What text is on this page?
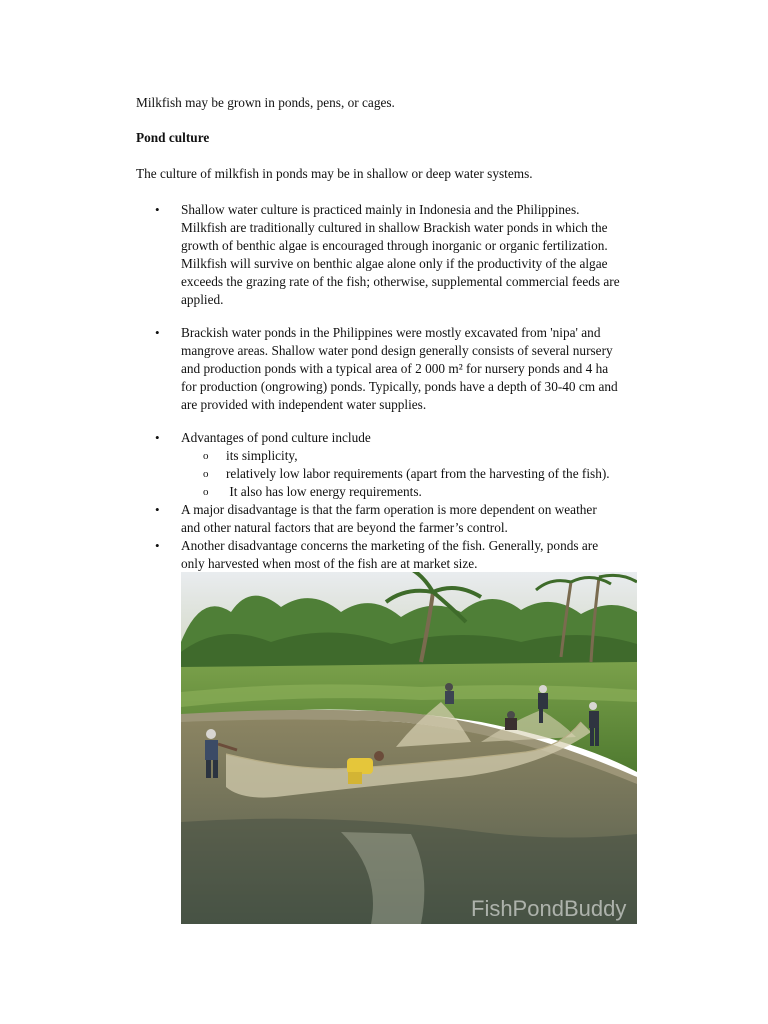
Milkfish may be grown in ponds, pens, or cages.

Pond culture

The culture of milkfish in ponds may be in shallow or deep water systems.

• Shallow water culture is practiced mainly in Indonesia and the Philippines.
Milkfish are traditionally cultured in shallow Brackish water ponds in which the
growth of benthic algae is encouraged through inorganic or organic fertilization.
Milkfish will survive on benthic algae alone only if the productivity of the algae
exceeds the grazing rate of the fish; otherwise, supplemental commercial feeds are
applied.
• Brackish water ponds in the Philippines were mostly excavated from 'nipa' and
mangrove areas. Shallow water pond design generally consists of several nursery
and production ponds with a typical area of 2 000 m² for nursery ponds and 4 ha
for production (ongrowing) ponds. Typically, ponds have a depth of 30-40 cm and
are provided with independent water supplies.
• Advantages of pond culture include
o its simplicity,
o relatively low labor requirements (apart from the harvesting of the fish).
o It also has low energy requirements.
• A major disadvantage is that the farm operation is more dependent on weather
and other natural factors that are beyond the farmer’s control.
• Another disadvantage concerns the marketing of the fish. Generally, ponds are
only harvested when most of the fish are at market size.
FishPondBuddy
